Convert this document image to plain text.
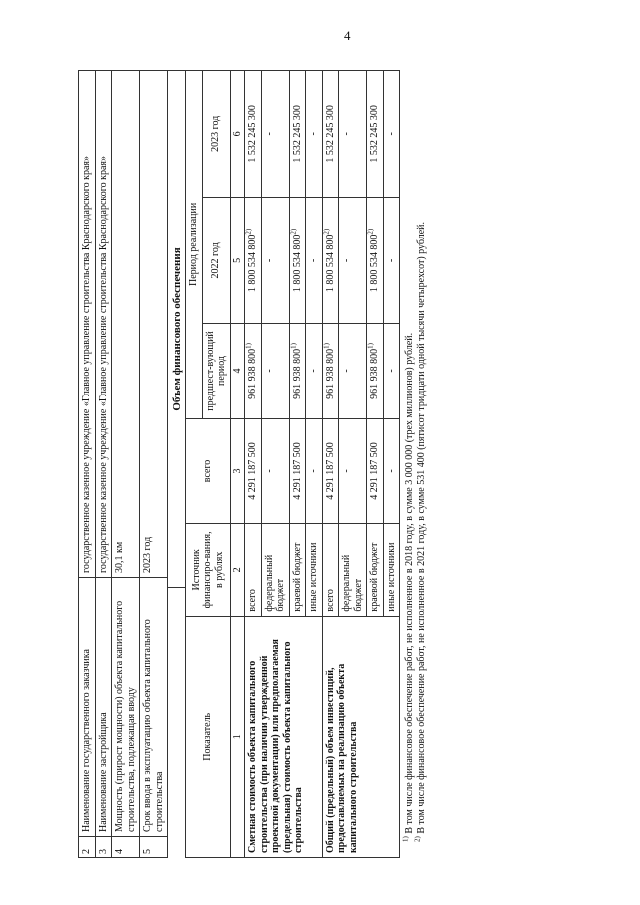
4
2	Наименование государственного заказчика	государственное казенное учреждение «Главное управление строительства Краснодарского края»
3	Наименование застройщика	государственное казенное учреждение «Главное управление строительства Краснодарского края»
4	Мощность (прирост мощности) объекта капитального строительства, подлежащая вводу	30,1 км
5	Срок ввода в эксплуатацию объекта капитального строительства	2023 год
Объем финансового обеспечения
Показатель	Источник финансиро-вания, в рублях	всего	Период реализации		
			предшест-вующий период	2022 год	2023 год
1	2	3	4	5	6
Сметная стоимость объекта капитального строительства (при наличии утвержденной проектной документации) или предполагаемая (предельная) стоимость объекта капитального строительства	всего	4 291 187 500	961 938 800$^{1)}$	1 800 534 800$^{2)}$	1 532 245 300
	федеральный бюджет	-	-	-	-
	краевой бюджет	4 291 187 500	961 938 800$^{1)}$	1 800 534 800$^{2)}$	1 532 245 300
	иные источники	-	-	-	-
Общий (предельный) объем инвестиций, предоставляемых на реализацию объекта капитального строительства	всего	4 291 187 500	961 938 800$^{1)}$	1 800 534 800$^{2)}$	1 532 245 300
	федеральный бюджет	-	-	-	-
	краевой бюджет	4 291 187 500	961 938 800$^{1)}$	1 800 534 800$^{2)}$	1 532 245 300
	иные источники	-	-	-	-

$^{1)}$ В том числе финансовое обеспечение работ, не исполненное в 2018 году, в сумме 3 000 000 (трех миллионов) рублей.

$^{2)}$ В том числе финансовое обеспечение работ, не исполненное в 2021 году, в сумме 531 400 (пятисот тридцати одной тысячи четырехсот) рублей.
